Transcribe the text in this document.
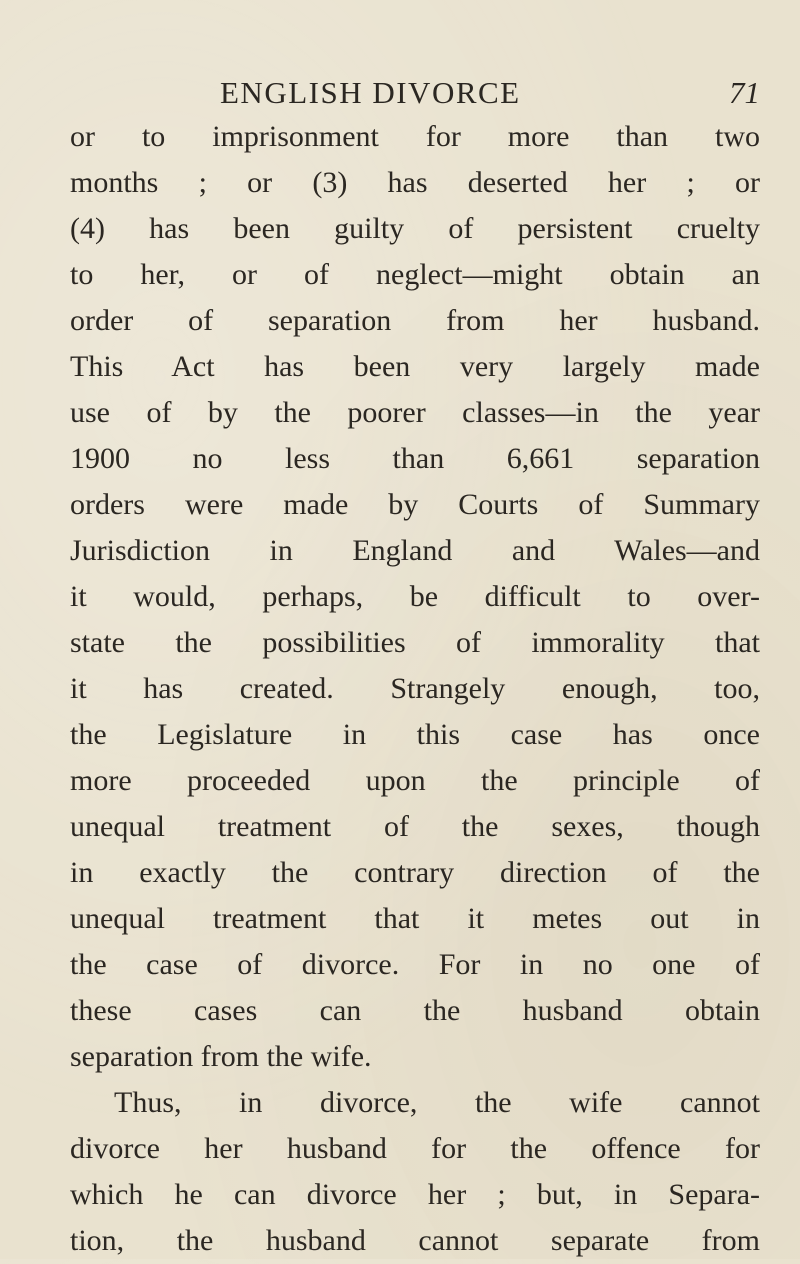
ENGLISH DIVORCE	71
or to imprisonment for more than two
months ; or (3) has deserted her ; or
(4) has been guilty of persistent cruelty
to her, or of neglect—might obtain an
order of separation from her husband.
This Act has been very largely made
use of by the poorer classes—in the year
1900 no less than 6,661 separation
orders were made by Courts of Summary
Jurisdiction in England and Wales—and
it would, perhaps, be difficult to over-
state the possibilities of immorality that
it has created. Strangely enough, too,
the Legislature in this case has once
more proceeded upon the principle of
unequal treatment of the sexes, though
in exactly the contrary direction of the
unequal treatment that it metes out in
the case of divorce. For in no one of
these cases can the husband obtain
separation from the wife.
Thus, in divorce, the wife cannot
divorce her husband for the offence for
which he can divorce her ; but, in Separa-
tion, the husband cannot separate from
